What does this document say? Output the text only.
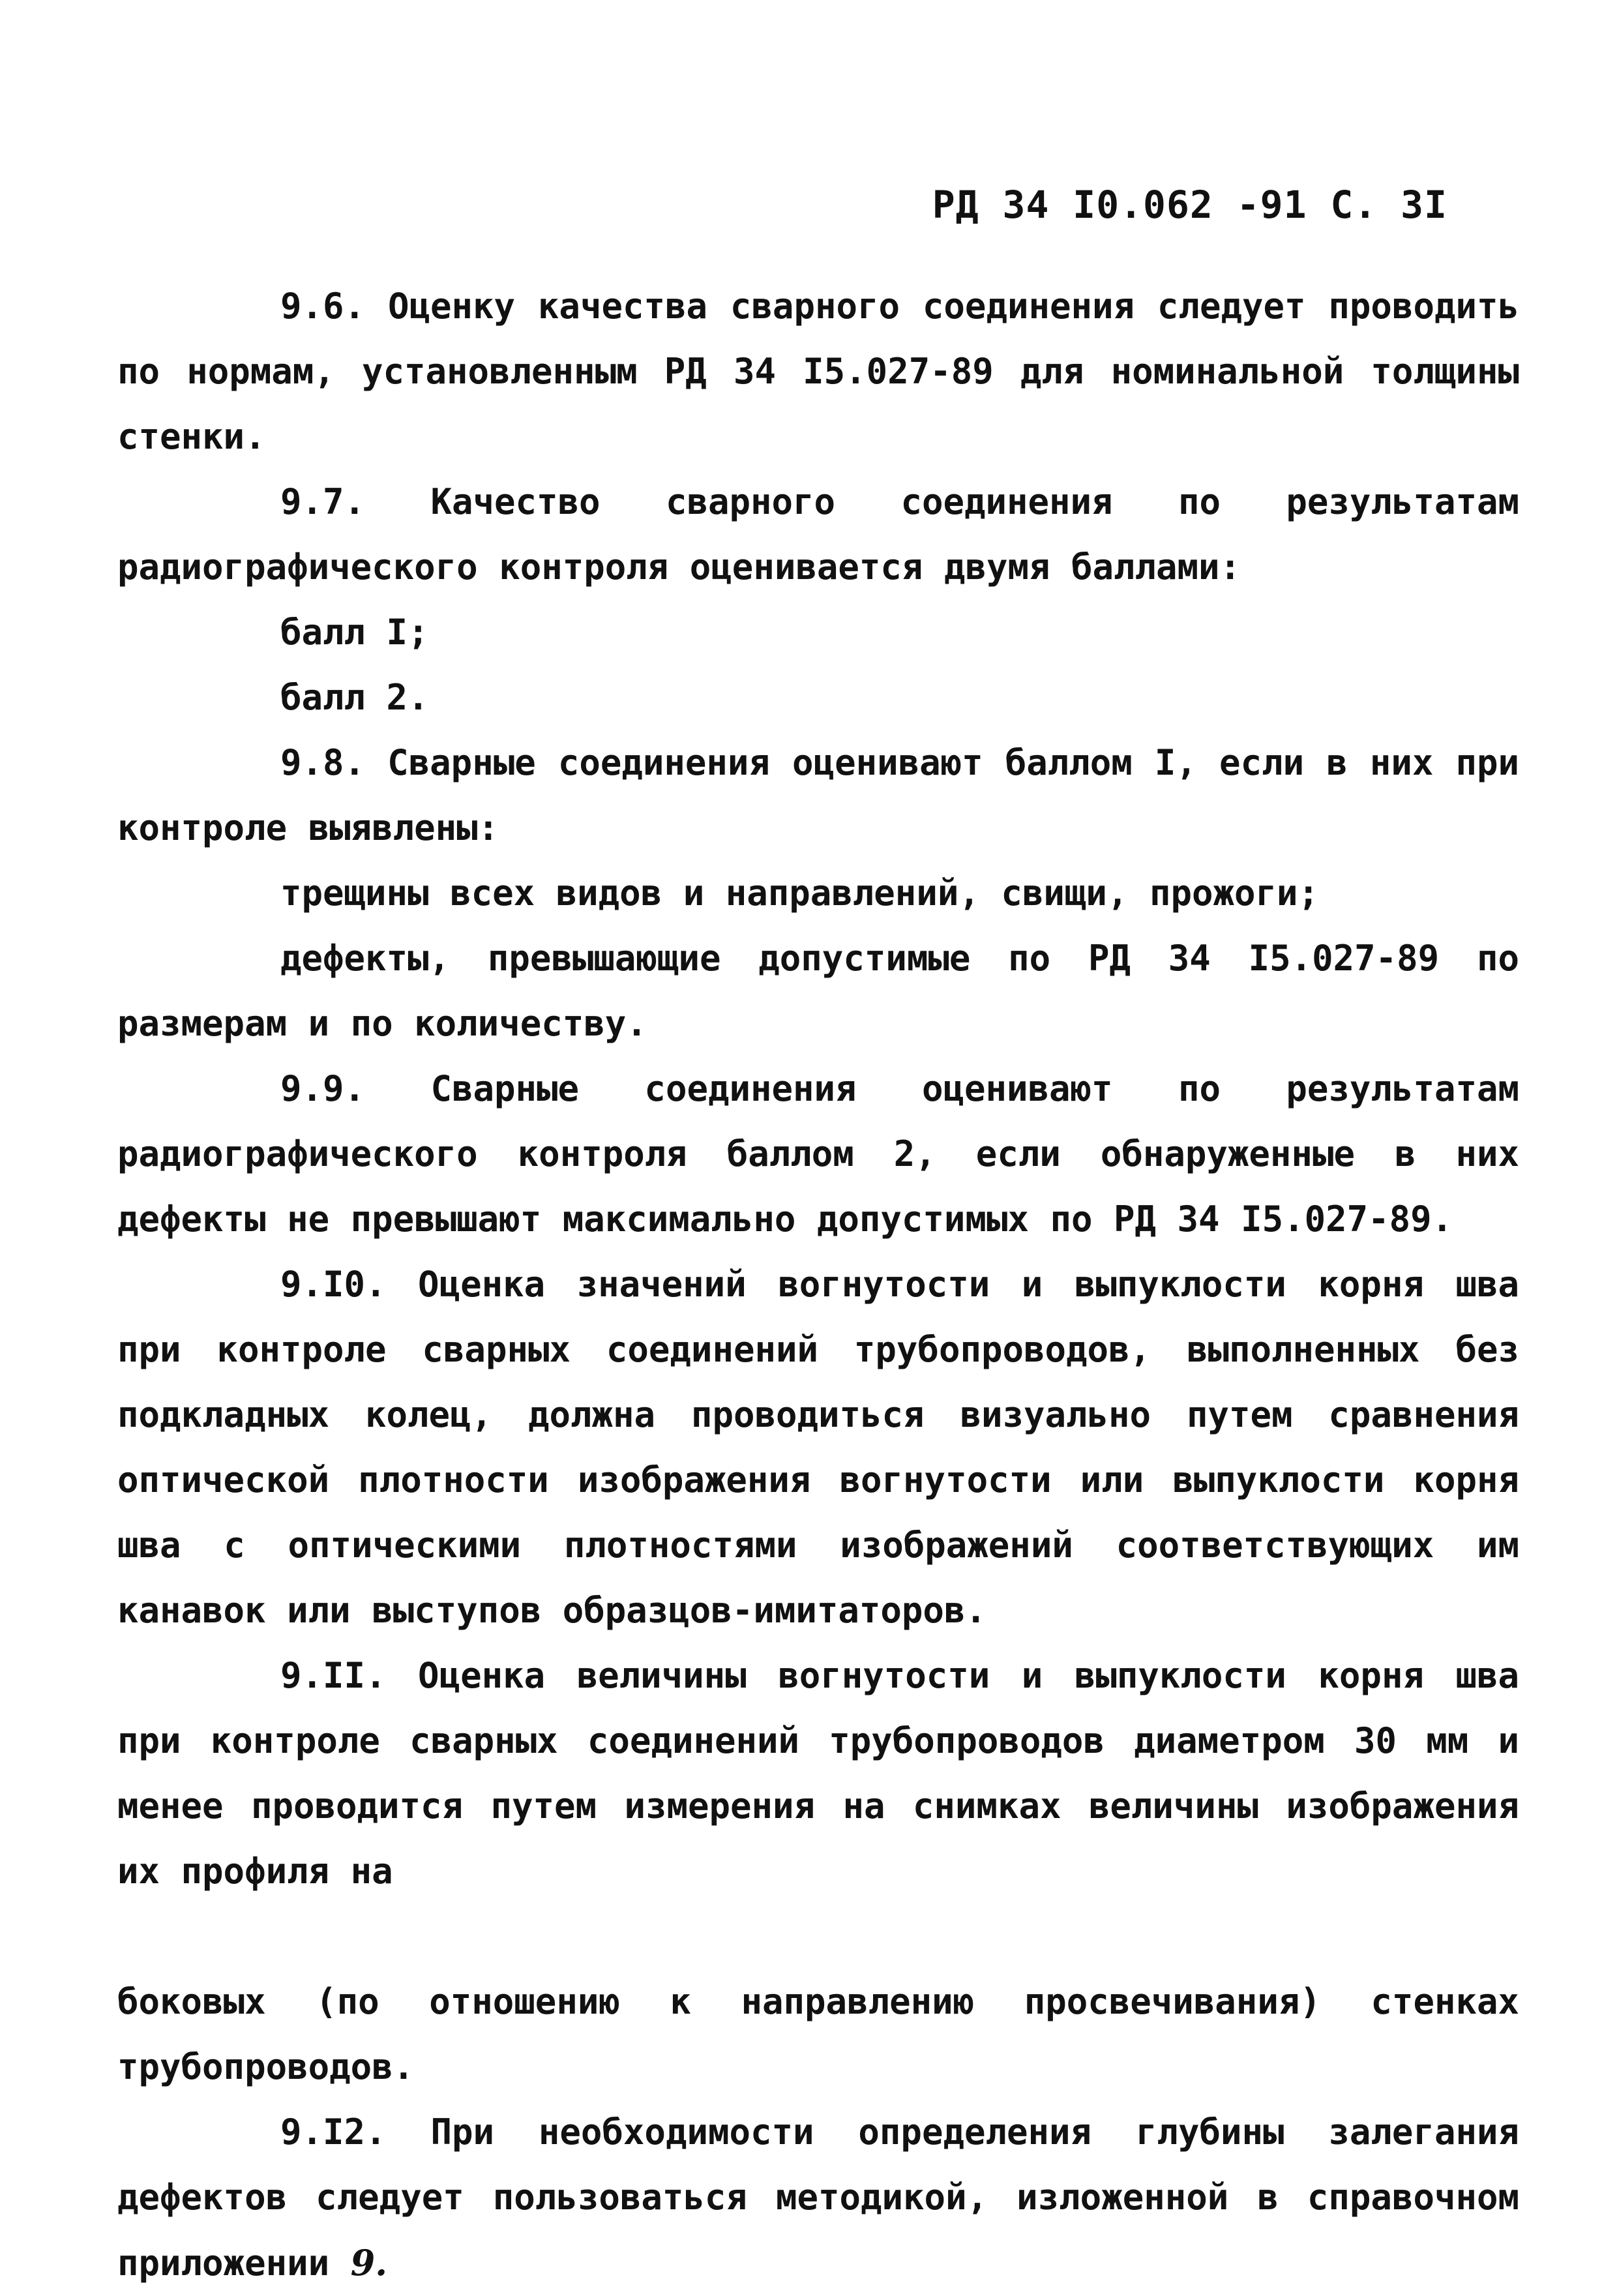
РД 34 I0.062 -91 С. 3I

9.6. Оценку качества сварного соединения следует проводить по нормам, установленным РД 34 I5.027-89 для номинальной толщины стенки.

9.7. Качество сварного соединения по результатам радиографического контроля оценивается двумя баллами:

балл I;

балл 2.

9.8. Сварные соединения оценивают баллом I, если в них при контроле выявлены:

трещины всех видов и направлений, свищи, прожоги;

дефекты, превышающие допустимые по РД 34 I5.027-89 по размерам и по количеству.

9.9. Сварные соединения оценивают по результатам радиографического контроля баллом 2, если обнаруженные в них дефекты не превышают максимально допустимых по РД 34 I5.027-89.

9.I0. Оценка значений вогнутости и выпуклости корня шва при контроле сварных соединений трубопроводов, выполненных без подкладных колец, должна проводиться визуально путем сравнения оптической плотности изображения вогнутости или выпуклости корня шва с оптическими плотностями изображений соответствующих им канавок или выступов образцов-имитаторов.

9.II. Оценка величины вогнутости и выпуклости корня шва при контроле сварных соединений трубопроводов диаметром 30 мм и менее проводится путем измерения на снимках величины изображения их профиля на

боковых (по отношению к направлению просвечивания) стенках трубопроводов.

9.I2. При необходимости определения глубины залегания дефектов следует пользоваться методикой, изложенной в справочном приложении 9.
